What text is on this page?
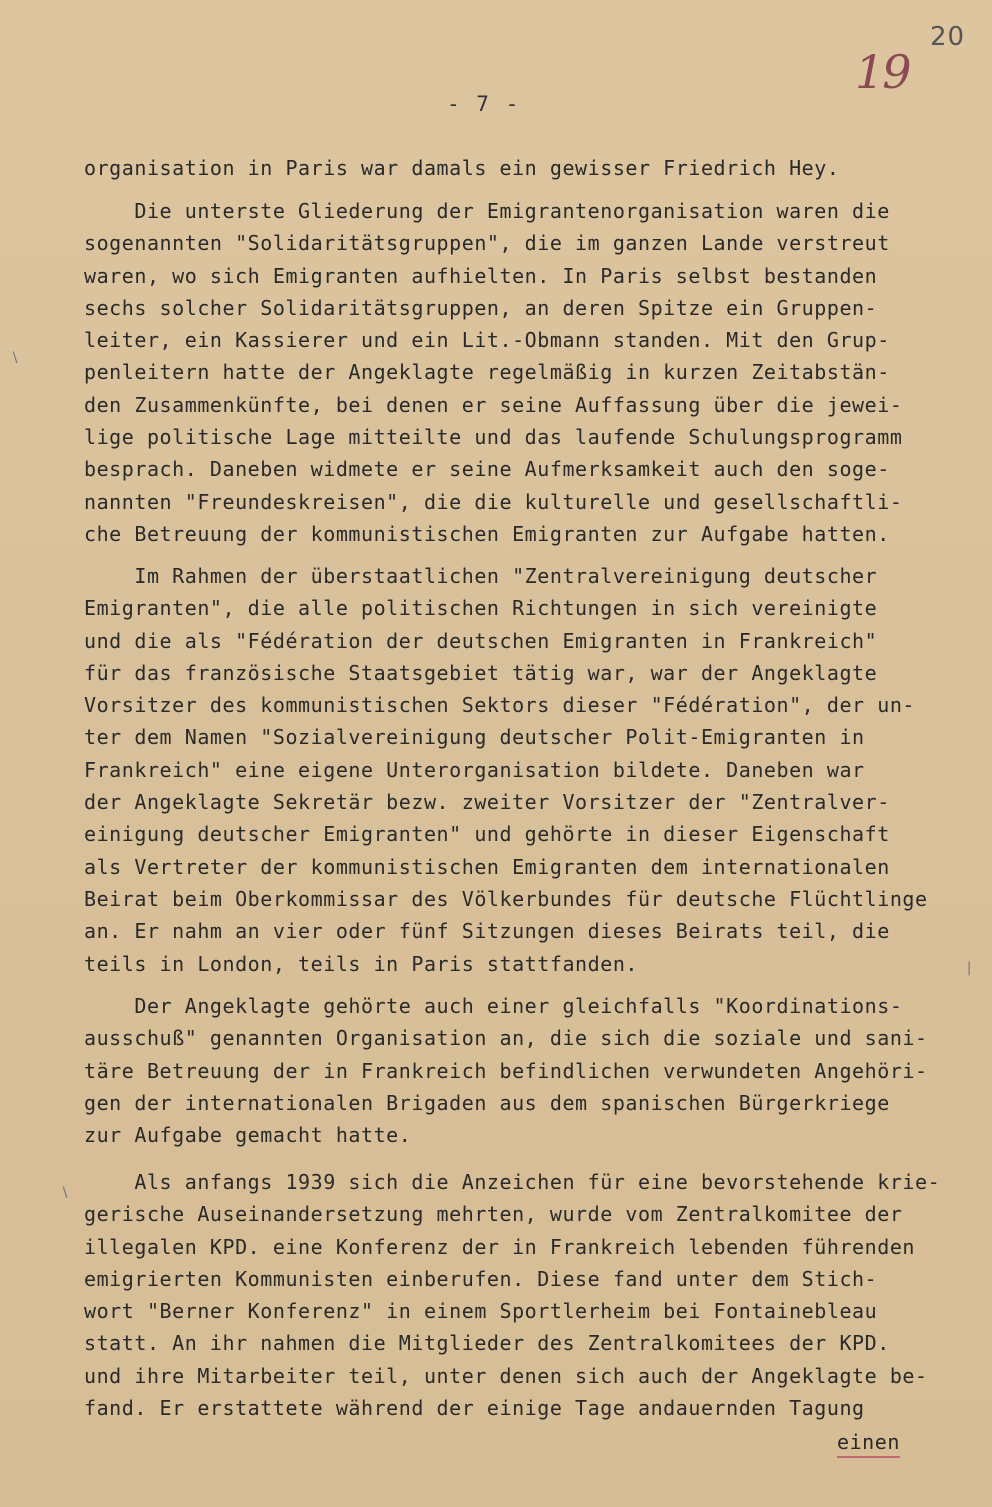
20
19
- 7 -
organisation in Paris war damals ein gewisser Friedrich Hey.
Die unterste Gliederung der Emigrantenorganisation waren die
sogenannten "Solidaritätsgruppen", die im ganzen Lande verstreut
waren, wo sich Emigranten aufhielten. In Paris selbst bestanden
sechs solcher Solidaritätsgruppen, an deren Spitze ein Gruppen-
leiter, ein Kassierer und ein Lit.-Obmann standen. Mit den Grup-
penleitern hatte der Angeklagte regelmäßig in kurzen Zeitabstän-
den Zusammenkünfte, bei denen er seine Auffassung über die jewei-
lige politische Lage mitteilte und das laufende Schulungsprogramm
besprach. Daneben widmete er seine Aufmerksamkeit auch den soge-
nannten "Freundeskreisen", die die kulturelle und gesellschaftli-
che Betreuung der kommunistischen Emigranten zur Aufgabe hatten.
Im Rahmen der überstaatlichen "Zentralvereinigung deutscher
Emigranten", die alle politischen Richtungen in sich vereinigte
und die als "Fédération der deutschen Emigranten in Frankreich"
für das französische Staatsgebiet tätig war, war der Angeklagte
Vorsitzer des kommunistischen Sektors dieser "Fédération", der un-
ter dem Namen "Sozialvereinigung deutscher Polit-Emigranten in
Frankreich" eine eigene Unterorganisation bildete. Daneben war
der Angeklagte Sekretär bezw. zweiter Vorsitzer der "Zentralver-
einigung deutscher Emigranten" und gehörte in dieser Eigenschaft
als Vertreter der kommunistischen Emigranten dem internationalen
Beirat beim Oberkommissar des Völkerbundes für deutsche Flüchtlinge
an. Er nahm an vier oder fünf Sitzungen dieses Beirats teil, die
teils in London, teils in Paris stattfanden.
Der Angeklagte gehörte auch einer gleichfalls "Koordinations-
ausschuß" genannten Organisation an, die sich die soziale und sani-
täre Betreuung der in Frankreich befindlichen verwundeten Angehöri-
gen der internationalen Brigaden aus dem spanischen Bürgerkriege
zur Aufgabe gemacht hatte.
Als anfangs 1939 sich die Anzeichen für eine bevorstehende krie-
gerische Auseinandersetzung mehrten, wurde vom Zentralkomitee der
illegalen KPD. eine Konferenz der in Frankreich lebenden führenden
emigrierten Kommunisten einberufen. Diese fand unter dem Stich-
wort "Berner Konferenz" in einem Sportlerheim bei Fontainebleau
statt. An ihr nahmen die Mitglieder des Zentralkomitees der KPD.
und ihre Mitarbeiter teil, unter denen sich auch der Angeklagte be-
fand. Er erstattete während der einige Tage andauernden Tagung
einen
∖
∣
∖
